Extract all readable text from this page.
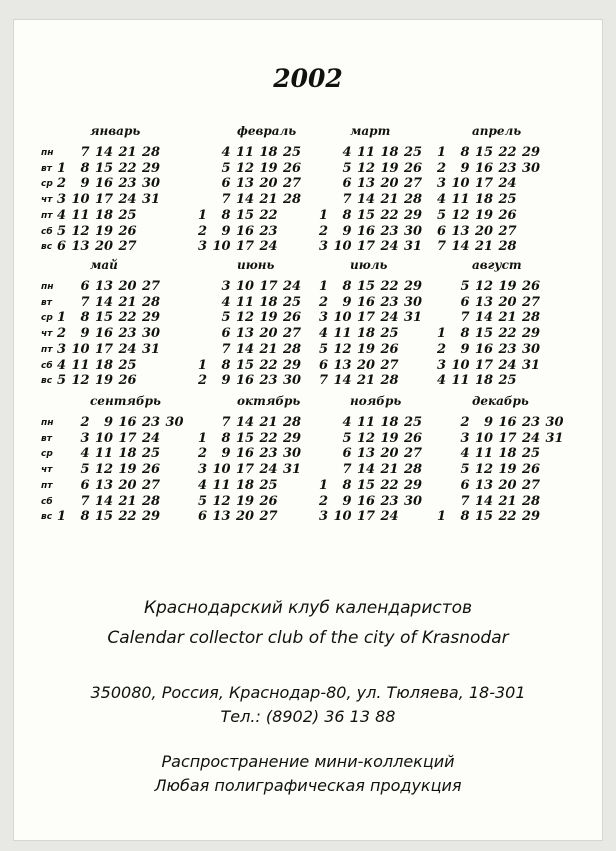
2002
пн
вт
ср
чт
пт
сб
вс
пн
вт
ср
чт
пт
сб
вс
пн
вт
ср
чт
пт
сб
вс
январь
1
2
3
4
5
6
7
8
9
10
11
12
13
14
15
16
17
18
19
20
21
22
23
24
25
26
27
28
29
30
31
февраль
1
2
3
4
5
6
7
8
9
10
11
12
13
14
15
16
17
18
19
20
21
22
23
24
25
26
27
28
март
1
2
3
4
5
6
7
8
9
10
11
12
13
14
15
16
17
18
19
20
21
22
23
24
25
26
27
28
29
30
31
апрель
1
2
3
4
5
6
7
8
9
10
11
12
13
14
15
16
17
18
19
20
21
22
23
24
25
26
27
28
29
30
май
1
2
3
4
5
6
7
8
9
10
11
12
13
14
15
16
17
18
19
20
21
22
23
24
25
26
27
28
29
30
31
июнь
1
2
3
4
5
6
7
8
9
10
11
12
13
14
15
16
17
18
19
20
21
22
23
24
25
26
27
28
29
30
июль
1
2
3
4
5
6
7
8
9
10
11
12
13
14
15
16
17
18
19
20
21
22
23
24
25
26
27
28
29
30
31
август
1
2
3
4
5
6
7
8
9
10
11
12
13
14
15
16
17
18
19
20
21
22
23
24
25
26
27
28
29
30
31
сентябрь
1
2
3
4
5
6
7
8
9
10
11
12
13
14
15
16
17
18
19
20
21
22
23
24
25
26
27
28
29
30
октябрь
1
2
3
4
5
6
7
8
9
10
11
12
13
14
15
16
17
18
19
20
21
22
23
24
25
26
27
28
29
30
31
ноябрь
1
2
3
4
5
6
7
8
9
10
11
12
13
14
15
16
17
18
19
20
21
22
23
24
25
26
27
28
29
30
декабрь
1
2
3
4
5
6
7
8
9
10
11
12
13
14
15
16
17
18
19
20
21
22
23
24
25
26
27
28
29
30
31
Краснодарский клуб календаристов
Calendar collector club of the city of Krasnodar
350080, Россия, Краснодар-80, ул. Тюляева, 18-301
Тел.: (8902) 36 13 88
Распространение мини-коллекций
Любая полиграфическая продукция
